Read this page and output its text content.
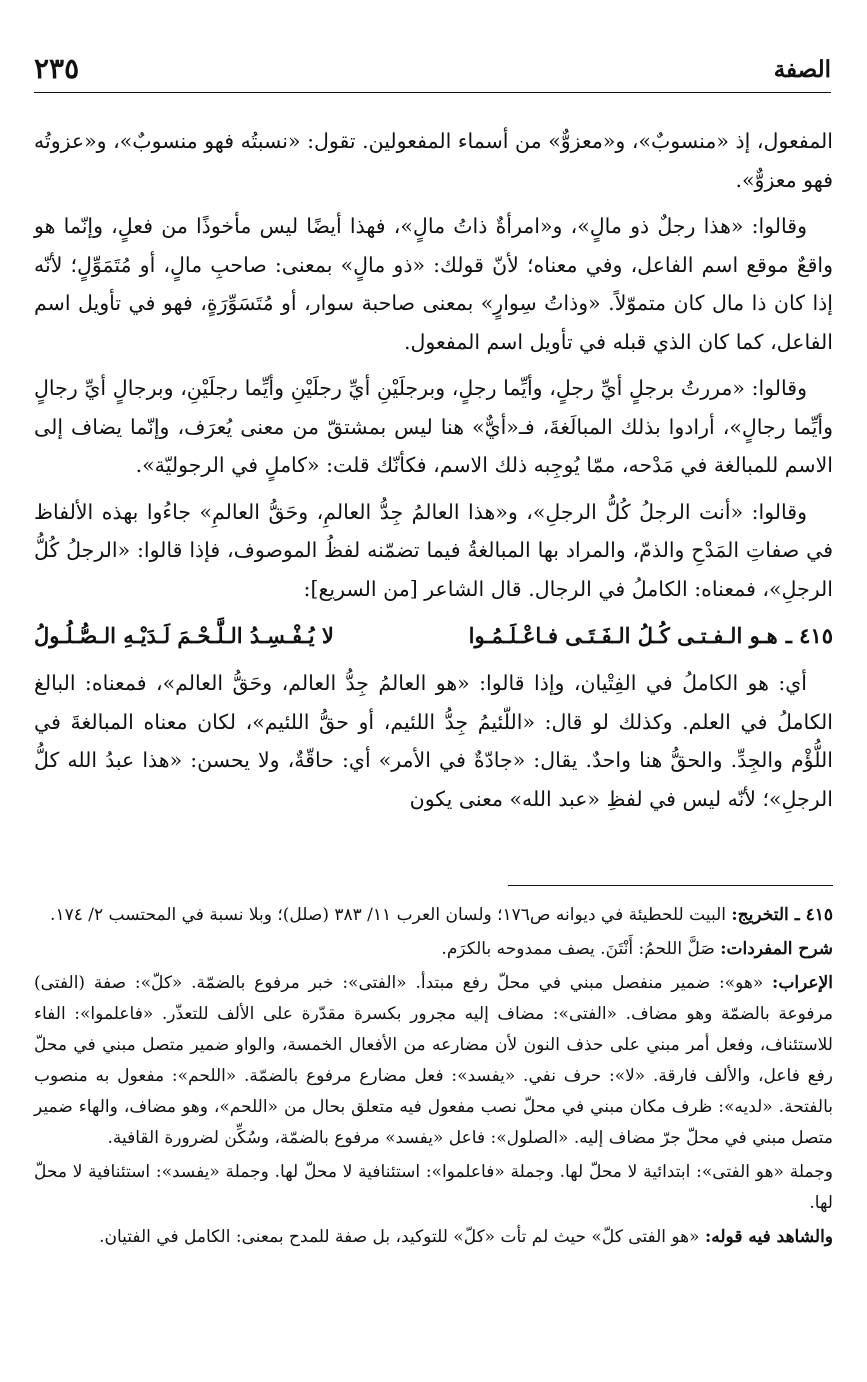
الصفة
٢٣٥

المفعول، إذ «منسوبٌ»، و«معزوٌّ» من أسماء المفعولين. تقول: «نسبتُه فهو منسوبٌ»، و«عزوتُه فهو معزوٌّ».

وقالوا: «هذا رجلٌ ذو مالٍ»، و«امرأةٌ ذاتُ مالٍ»، فهذا أيضًا ليس مأخوذًا من فعلٍ، وإنّما هو واقعٌ موقع اسم الفاعل، وفي معناه؛ لأنّ قولك: «ذو مالٍ» بمعنى: صاحبِ مالٍ، أو مُتَمَوِّلٍ؛ لأنّه إذا كان ذا مال كان متموّلاً. «وذاتُ سِوارٍ» بمعنى صاحبة سوار، أو مُتَسَوِّرَةٍ، فهو في تأويل اسم الفاعل، كما كان الذي قبله في تأويل اسم المفعول.

وقالوا: «مررتُ برجلٍ أيِّ رجلٍ، وأيِّما رجلٍ، وبرجلَيْنِ أيِّ رجلَيْنِ وأيِّما رجلَيْنِ، وبرجالٍ أيِّ رجالٍ وأيِّما رجالٍ»، أرادوا بذلك المبالَغةَ، فـ«أيٌّ» هنا ليس بمشتقّ من معنى يُعرَف، وإنّما يضاف إلى الاسم للمبالغة في مَدْحه، ممّا يُوجِبه ذلك الاسم، فكأنّك قلت: «كاملٍ في الرجوليّة».

وقالوا: «أنت الرجلُ كُلُّ الرجلِ»، و«هذا العالمُ جِدُّ العالمِ، وحَقُّ العالمِ» جاءُوا بهذه الألفاظ في صفاتِ المَدْحِ والذمّ، والمراد بها المبالغةُ فيما تضمّنه لفظُ الموصوف، فإذا قالوا: «الرجلُ كُلُّ الرجلِ»، فمعناه: الكاملُ في الرجال. قال الشاعر [من السريع]:

٤١٥ ـ
هـو الـفـتـى كُـلُ الـفَـتَـى فـاعْـلَـمُـوا
لا يُـفْـسِـدُ الـلَّـحْـمَ لَـدَيْـهِ الـصُّـلُـولُ

أي: هو الكاملُ في الفِتْيان، وإذا قالوا: «هو العالمُ جِدُّ العالم، وحَقُّ العالم»، فمعناه: البالغ الكاملُ في العلم. وكذلك لو قال: «اللّئيمُ جِدُّ اللئيم، أو حقُّ اللئيم»، لكان معناه المبالغةَ في اللُّؤْم والجِدِّ. والحقُّ هنا واحدٌ. يقال: «جادّةٌ في الأمر» أي: حاقّةٌ، ولا يحسن: «هذا عبدُ الله كلُّ الرجلِ»؛ لأنّه ليس في لفظِ «عبد الله» معنى يكون

٤١٥ ـ التخريج: البيت للحطيئة في ديوانه ص١٧٦؛ ولسان العرب ١١/ ٣٨٣ (صلل)؛ وبلا نسبة في المحتسب ٢/ ١٧٤.

شرح المفردات: صَلَّ اللحمُ: أَنْتَنَ. يصف ممدوحه بالكرَم.

الإعراب: «هو»: ضمير منفصل مبني في محلّ رفع مبتدأ. «الفتى»: خبر مرفوع بالضمّة. «كلّ»: صفة (الفتى) مرفوعة بالضمّة وهو مضاف. «الفتى»: مضاف إليه مجرور بكسرة مقدّرة على الألف للتعذّر. «فاعلموا»: الفاء للاستئناف، وفعل أمر مبني على حذف النون لأن مضارعه من الأفعال الخمسة، والواو ضمير متصل مبني في محلّ رفع فاعل، والألف فارقة. «لا»: حرف نفي. «يفسد»: فعل مضارع مرفوع بالضمّة. «اللحم»: مفعول به منصوب بالفتحة. «لديه»: ظرف مكان مبني في محلّ نصب مفعول فيه متعلق بحال من «اللحم»، وهو مضاف، والهاء ضمير متصل مبني في محلّ جرّ مضاف إليه. «الصلول»: فاعل «يفسد» مرفوع بالضمّة، وسُكِّن لضرورة القافية.

وجملة «هو الفتى»: ابتدائية لا محلّ لها. وجملة «فاعلموا»: استئنافية لا محلّ لها. وجملة «يفسد»: استئنافية لا محلّ لها.

والشاهد فيه قوله: «هو الفتى كلّ» حيث لم تأت «كلّ» للتوكيد، بل صفة للمدح بمعنى: الكامل في الفتيان.
